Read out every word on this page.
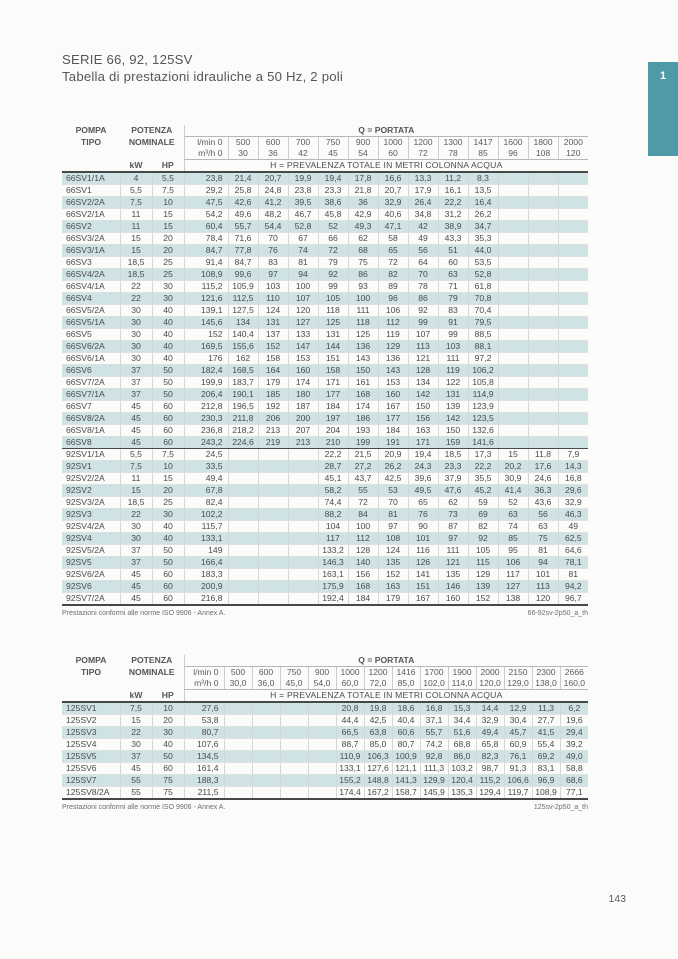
SERIE 66, 92, 125SV
Tabella di prestazioni idrauliche a 50 Hz, 2 poli	1
POMPA	POTENZA		Q = PORTATA												
TIPO	NOMINALE		l/min 0	500	600	700	750	900	1000	1200	1300	1417	1600	1800	2000
			m³/h 0	30	36	42	45	54	60	72	78	85	96	108	120
	kW	HP	H = PREVALENZA TOTALE IN METRI COLONNA ACQUA												
66SV1/1A	4	5,5	23,8	21,4	20,7	19,9	19,4	17,8	16,6	13,3	11,2	8,3			
66SV1	5,5	7,5	29,2	25,8	24,8	23,8	23,3	21,8	20,7	17,9	16,1	13,5			
66SV2/2A	7,5	10	47,5	42,6	41,2	39,5	38,6	36	32,9	26,4	22,2	16,4			
66SV2/1A	11	15	54,2	49,6	48,2	46,7	45,8	42,9	40,6	34,8	31,2	26,2			
66SV2	11	15	60,4	55,7	54,4	52,8	52	49,3	47,1	42	38,9	34,7			
66SV3/2A	15	20	78,4	71,6	70	67	66	62	58	49	43,3	35,3			
66SV3/1A	15	20	84,7	77,8	76	74	72	68	65	56	51	44,0			
66SV3	18,5	25	91,4	84,7	83	81	79	75	72	64	60	53,5			
66SV4/2A	18,5	25	108,9	99,6	97	94	92	86	82	70	63	52,8			
66SV4/1A	22	30	115,2	105,9	103	100	99	93	89	78	71	61,8			
66SV4	22	30	121,6	112,5	110	107	105	100	96	86	79	70,8			
66SV5/2A	30	40	139,1	127,5	124	120	118	111	106	92	83	70,4			
66SV5/1A	30	40	145,6	134	131	127	125	118	112	99	91	79,5			
66SV5	30	40	152	140,4	137	133	131	125	119	107	99	88,5			
66SV6/2A	30	40	169,5	155,6	152	147	144	136	129	113	103	88,1			
66SV6/1A	30	40	176	162	158	153	151	143	136	121	111	97,2			
66SV6	37	50	182,4	168,5	164	160	158	150	143	128	119	106,2			
66SV7/2A	37	50	199,9	183,7	179	174	171	161	153	134	122	105,8			
66SV7/1A	37	50	206,4	190,1	185	180	177	168	160	142	131	114,9			
66SV7	45	60	212,8	196,5	192	187	184	174	167	150	139	123,9			
66SV8/2A	45	60	230,3	211,8	206	200	197	186	177	156	142	123,5			
66SV8/1A	45	60	236,8	218,2	213	207	204	193	184	163	150	132,6			
66SV8	45	60	243,2	224,6	219	213	210	199	191	171	159	141,6			
92SV1/1A	5,5	7,5	24,5				22,2	21,5	20,9	19,4	18,5	17,3	15	11,8	7,9
92SV1	7,5	10	33,5				28,7	27,2	26,2	24,3	23,3	22,2	20,2	17,6	14,3
92SV2/2A	11	15	49,4				45,1	43,7	42,5	39,6	37,9	35,5	30,9	24,6	16,8
92SV2	15	20	67,8				58,2	55	53	49,5	47,6	45,2	41,4	36,3	29,6
92SV3/2A	18,5	25	82,4				74,4	72	70	65	62	59	52	43,6	32,9
92SV3	22	30	102,2				88,2	84	81	76	73	69	63	56	46,3
92SV4/2A	30	40	115,7				104	100	97	90	87	82	74	63	49
92SV4	30	40	133,1				117	112	108	101	97	92	85	75	62,5
92SV5/2A	37	50	149				133,2	128	124	116	111	105	95	81	64,6
92SV5	37	50	166,4				146,3	140	135	126	121	115	106	94	78,1
92SV6/2A	45	60	183,3				163,1	156	152	141	135	129	117	101	81
92SV6	45	60	200,9				175,9	168	163	151	146	139	127	113	94,2
92SV7/2A	45	60	216,8				192,4	184	179	167	160	152	138	120	96,7
Prestazioni conformi alle norme ISO 9906 - Annex A.	66-92sv-2p50_a_th
POMPA	POTENZA		Q = PORTATA													
TIPO	NOMINALE		l/min 0	500	600	750	900	1000	1200	1416	1700	1900	2000	2150	2300	2666
			m³/h 0	30,0	36,0	45,0	54,0	60,0	72,0	85,0	102,0	114,0	120,0	129,0	138,0	160,0
	kW	HP	H = PREVALENZA TOTALE IN METRI COLONNA ACQUA													
125SV1	7,5	10	27,6					20,8	19,8	18,6	16,8	15,3	14,4	12,9	11,3	6,2
125SV2	15	20	53,8					44,4	42,5	40,4	37,1	34,4	32,9	30,4	27,7	19,6
125SV3	22	30	80,7					66,5	63,8	60,6	55,7	51,6	49,4	45,7	41,5	29,4
125SV4	30	40	107,6					88,7	85,0	80,7	74,2	68,8	65,8	60,9	55,4	39,2
125SV5	37	50	134,5					110,9	106,3	100,9	92,8	86,0	82,3	76,1	69,2	49,0
125SV6	45	60	161,4					133,1	127,6	121,1	111,3	103,2	98,7	91,3	83,1	58,8
125SV7	55	75	188,3					155,2	148,8	141,3	129,9	120,4	115,2	106,6	96,9	68,6
125SV8/2A	55	75	211,5					174,4	167,2	158,7	145,9	135,3	129,4	119,7	108,9	77,1
Prestazioni conformi alle norme ISO 9906 - Annex A.	125sv-2p50_a_th
143
